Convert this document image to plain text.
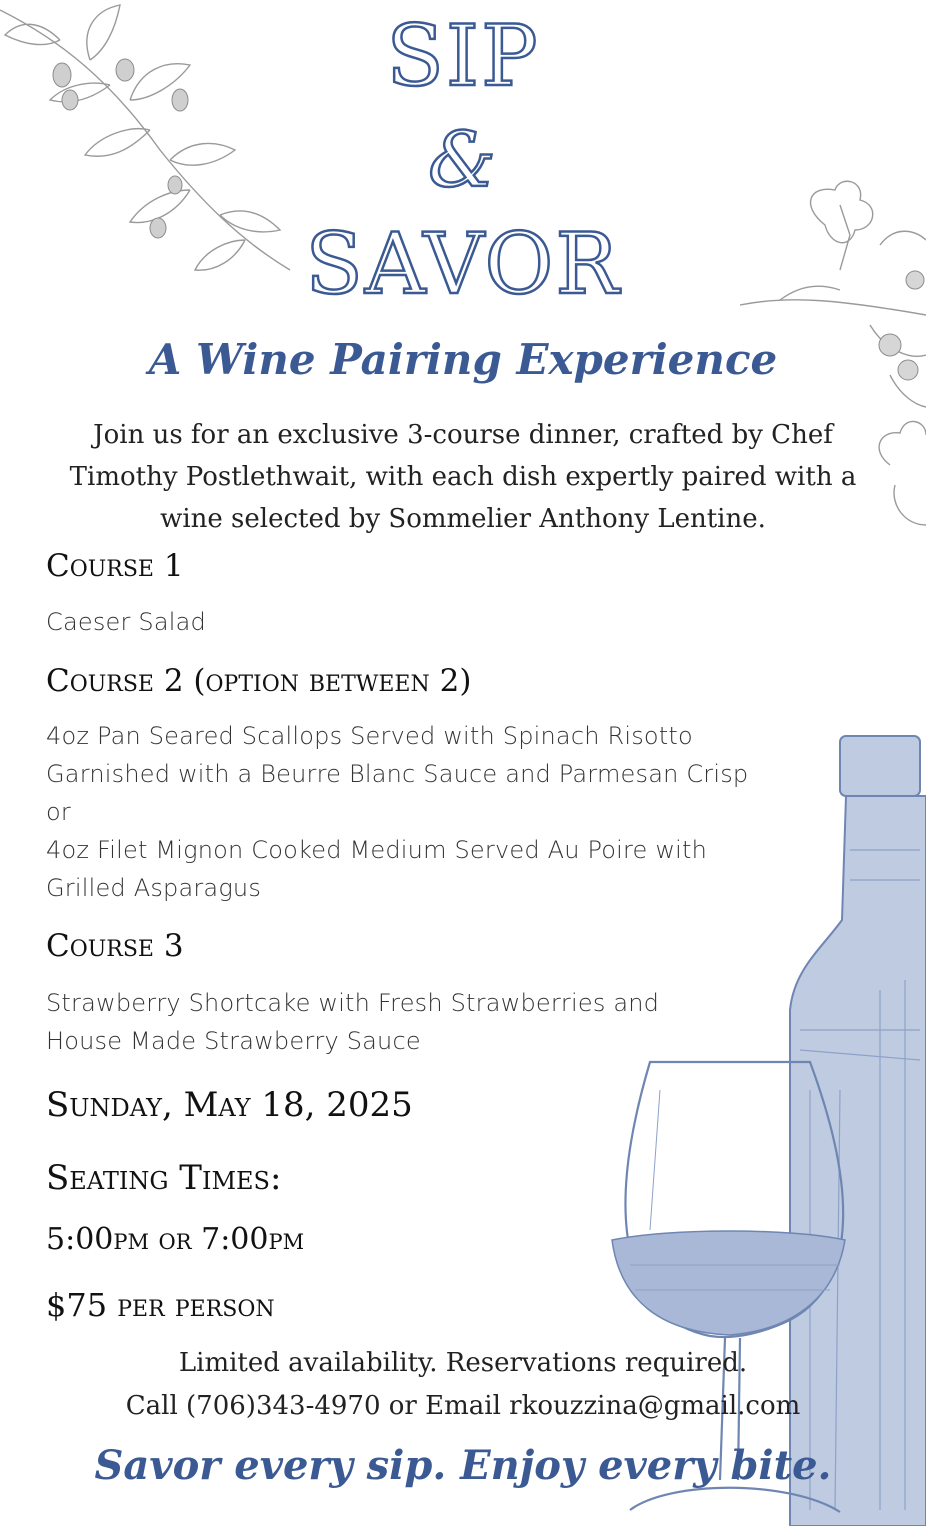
SIP
&
SAVOR
A Wine Pairing Experience
Join us for an exclusive 3-course dinner, crafted by Chef
Timothy Postlethwait, with each dish expertly paired with a
wine selected by Sommelier Anthony Lentine.
Course 1
Caeser Salad
Course 2 (option between 2)
4oz Pan Seared Scallops Served with Spinach Risotto
Garnished with a Beurre Blanc Sauce and Parmesan Crisp
or
4oz Filet Mignon Cooked Medium Served Au Poire with
Grilled Asparagus
Course 3
Strawberry Shortcake with Fresh Strawberries and
House Made Strawberry Sauce
Sunday, May 18, 2025
Seating Times:
5:00pm or 7:00pm
$75 per person
Limited availability. Reservations required.
Call (706)343-4970 or Email rkouzzina@gmail.com
Savor every sip. Enjoy every bite.
